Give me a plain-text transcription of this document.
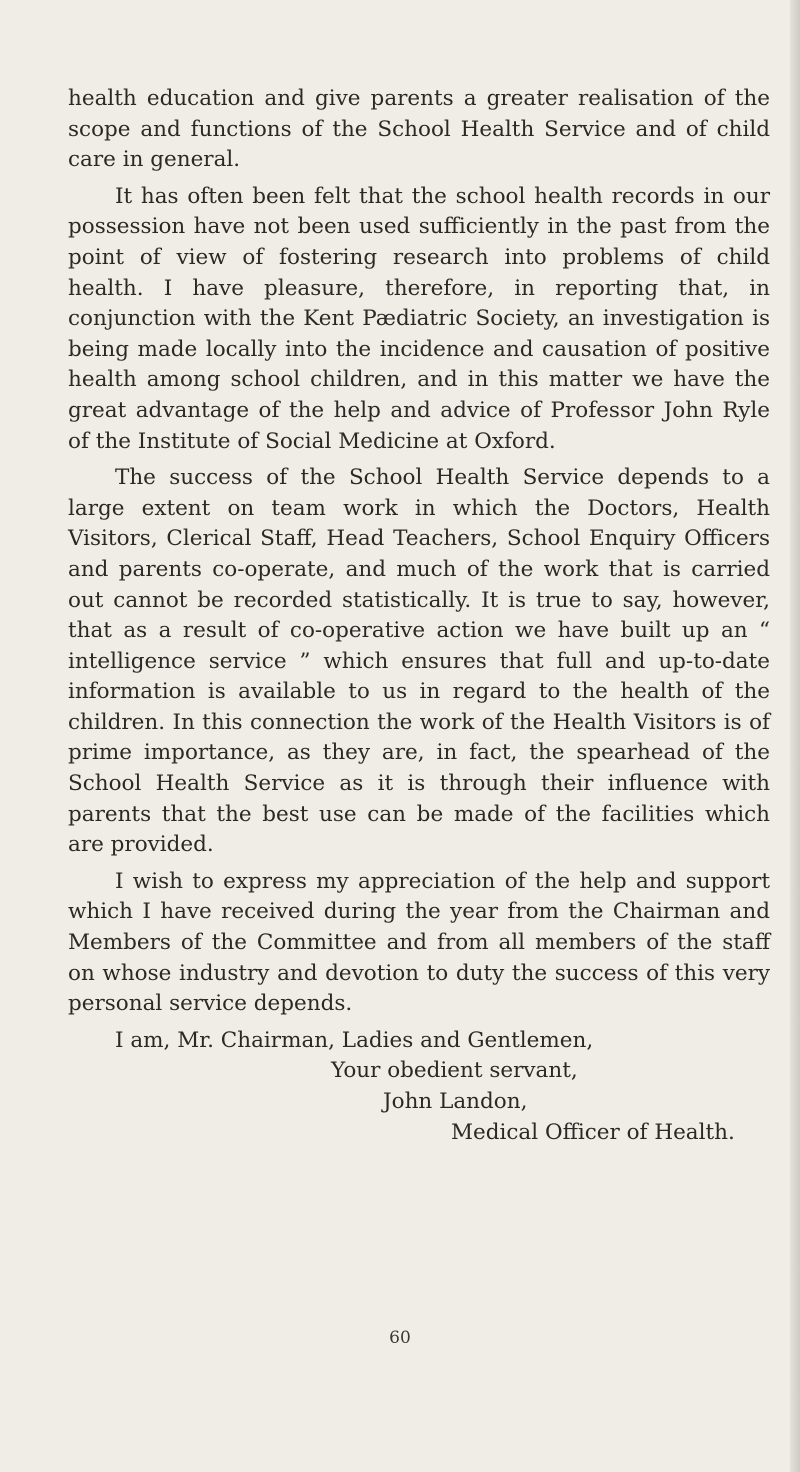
health education and give parents a greater realisation of the scope and functions of the School Health Service and of child care in general.

It has often been felt that the school health records in our possession have not been used sufficiently in the past from the point of view of fostering research into problems of child health. I have pleasure, therefore, in reporting that, in conjunction with the Kent Pædiatric Society, an investigation is being made locally into the incidence and causation of positive health among school children, and in this matter we have the great advantage of the help and advice of Professor John Ryle of the Institute of Social Medicine at Oxford.

The success of the School Health Service depends to a large extent on team work in which the Doctors, Health Visitors, Clerical Staff, Head Teachers, School Enquiry Officers and parents co-operate, and much of the work that is carried out cannot be recorded statistically. It is true to say, however, that as a result of co-operative action we have built up an “ intelligence service ” which ensures that full and up-to-date information is available to us in regard to the health of the children. In this connection the work of the Health Visitors is of prime importance, as they are, in fact, the spearhead of the School Health Service as it is through their influence with parents that the best use can be made of the facilities which are provided.

I wish to express my appreciation of the help and support which I have received during the year from the Chairman and Members of the Committee and from all members of the staff on whose industry and devotion to duty the success of this very personal service depends.

I am, Mr. Chairman, Ladies and Gentlemen,

Your obedient servant,

John Landon,

Medical Officer of Health.

60
